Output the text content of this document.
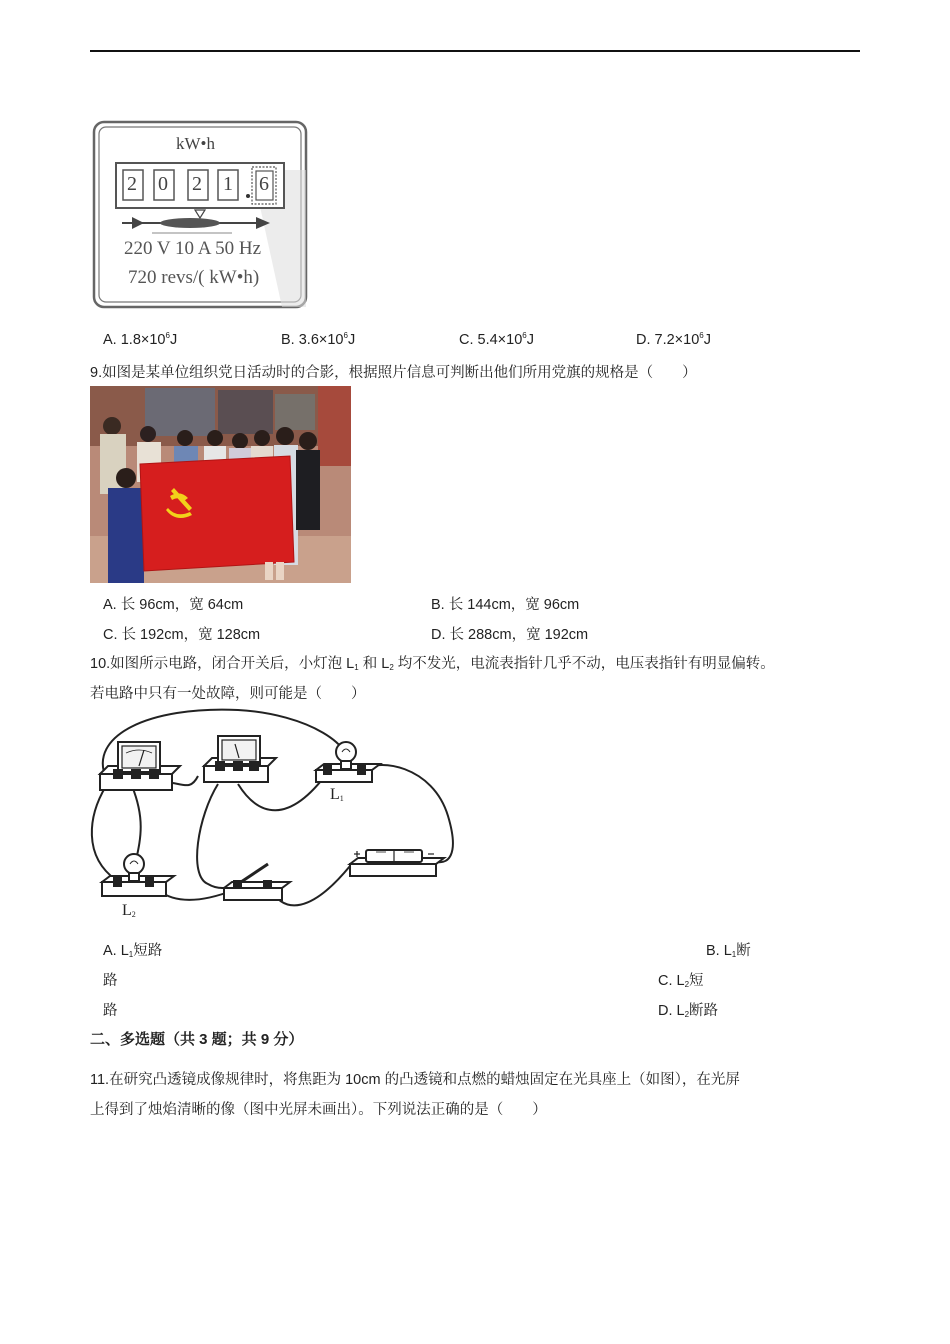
kW•h
2 0 2 1 6
220 V 10 A 50 Hz
720 revs/( kW•h)
A. $1.8\times 10^6J$	B. $3.6\times 10^6J$	C. $5.4\times 10^6J$	D. $7.2\times 10^6J$
9.如图是某单位组织党日活动时的合影，根据照片信息可判断出他们所用党旗的规格是（　　）
A. 长 96cm，宽 64cm	B. 长 144cm，宽 96cm
C. 长 192cm，宽 128cm	D. 长 288cm，宽 192cm
10.如图所示电路，闭合开关后，小灯泡 $L_1$ 和 $L_2$ 均不发光，电流表指针几乎不动，电压表指针有明显偏转。
若电路中只有一处故障，则可能是（　　）
$L_1$
$L_2$
A. $L_1$短路	B. $L_1$断
路	C. $L_2$短
路	D. $L_2$断路
二、多选题（共 3 题；共 9 分）
11.在研究凸透镜成像规律时，将焦距为 10cm 的凸透镜和点燃的蜡烛固定在光具座上（如图），在光屏
上得到了烛焰清晰的像（图中光屏未画出）。下列说法正确的是（　　）
